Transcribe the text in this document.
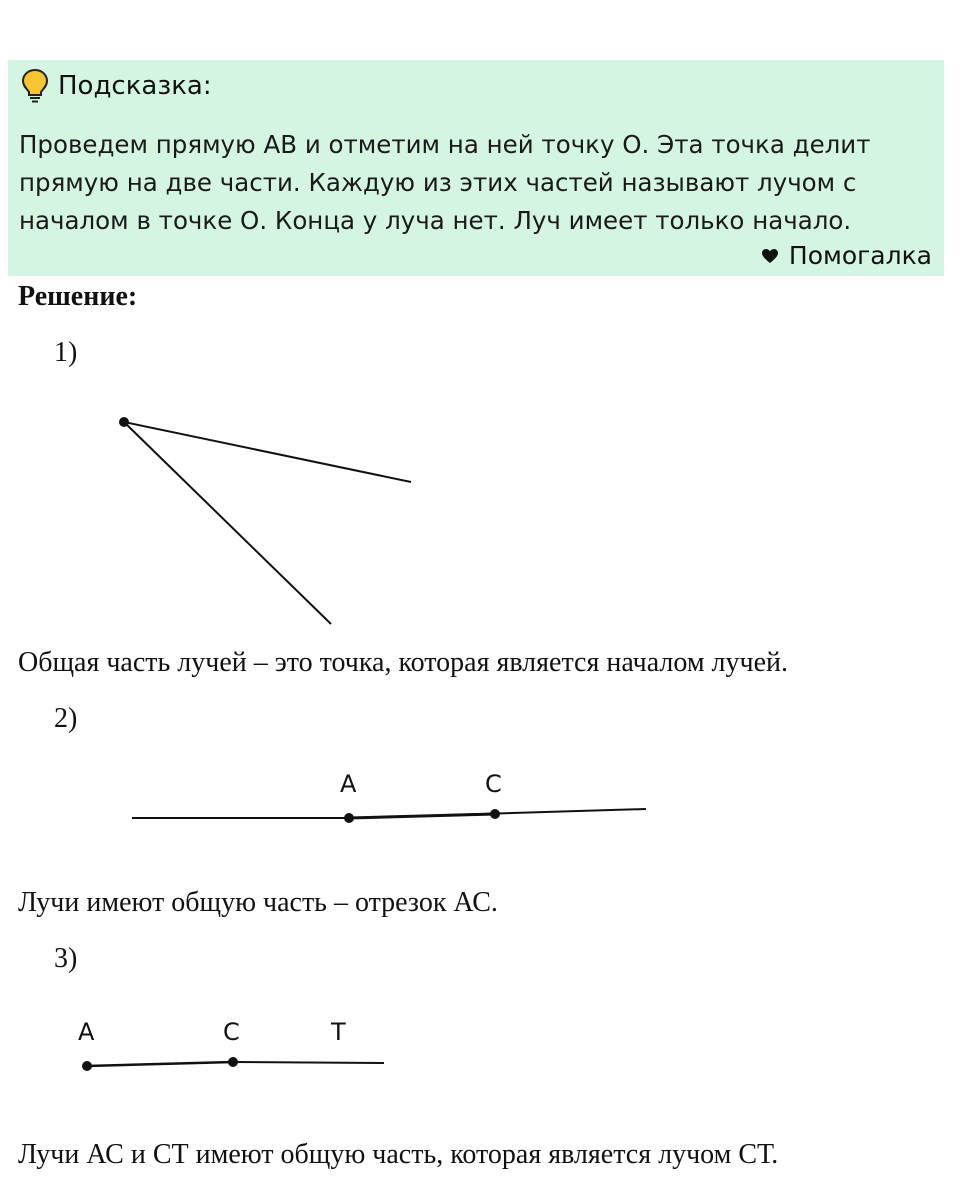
Подсказка:
Проведем прямую АВ и отметим на ней точку О. Эта точка делит
прямую на две части. Каждую из этих частей называют лучом с
началом в точке О. Конца у луча нет. Луч имеет только начало.
Помогалка
Решение:
1)
Общая часть лучей – это точка, которая является началом лучей.
2)
A	C
Лучи имеют общую часть – отрезок АС.
3)
A	C	T
Лучи АС и СТ имеют общую часть, которая является лучом СТ.
